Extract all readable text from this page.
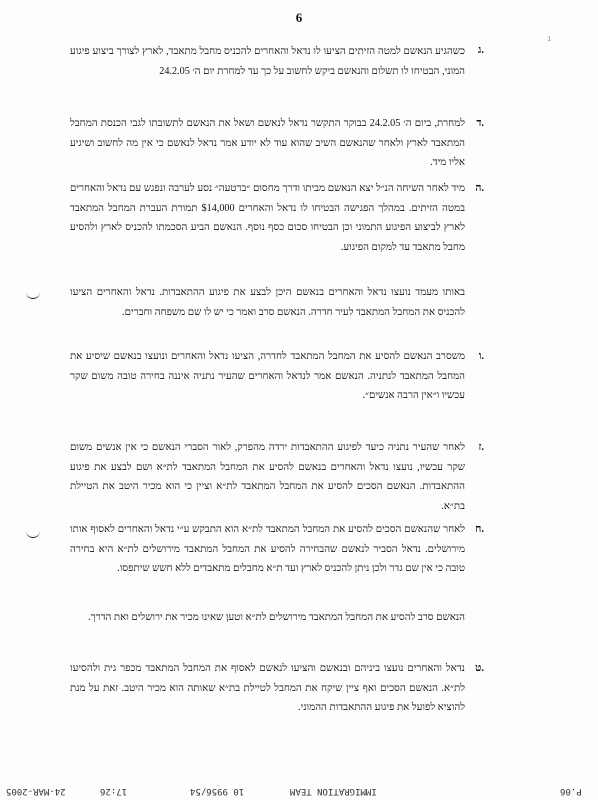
6
ג
ג.
כשהגיע הנאשם למטה הזיתים הציעו לו נדאל והאחרים להכניס מחבל מתאבד, לארץ לצורך ביצוע פיגוע המוני, הבטיחו לו תשלום והנאשם ביקש לחשוב על כך עד למחרת יום ה׳ 24.2.05
ד.
למחרת, ביום ה׳ 24.2.05 בבוקר התקשר נדאל לנאשם ושאל את הנאשם לתשובתו לגבי הכנסת המחבל המתאבד לארץ ולאחר שהנאשם השיב שהוא עוד לא יודע אמר נדאל לנאשם כי אין מה לחשוב ושיגיע אליו מיד.
ה.
מיד לאחר השיחה הנ״ל יצא הנאשם מביתו ודרך מחסום ״ברטעה״ נסע לערבה ונפגש עם נדאל והאחרים במטה הזיתים. במהלך הפגישה הבטיחו לו נדאל והאחרים ‎$14,000‎ תמורת העברת המחבל המתאבד לארץ לביצוע הפיגוע התמוני וכן הבטיחו סכום כסף נוסף. הנאשם הביע הסכמתו להכניס לארץ ולהסיע מחבל מתאבד עד למקום הפיגוע.
באותו מעמד נועצו נדאל והאחרים בנאשם היכן לבצע את פיגוע ההתאבדות. נדאל והאחרים הציעו להכניס את המחבל המתאבד לעיר חדרה. הנאשם סרב ואמר כי יש לו שם משפחה וחברים.
ו.
משסרב הנאשם להסיע את המחבל המתאבד לחדרה, הציעו נדאל והאחרים ונועצו בנאשם שיסיע את המחבל המתאבד לנתניה. הנאשם אמר לנדאל והאחרים שהעיר נתניה איננה בחירה טובה משום שקר עכשיו ו״אין הרבה אנשים״.
ז.
לאחר שהעיר נתניה כיעד לפיגוע ההתאבדות ירדה מהפרק, לאור הסברי הנאשם כי אין אנשים משום שקר עכשיו, נועצו נדאל והאחרים בנאשם להסיע את המחבל המתאבד לת״א ושם לבצע את פיגוע ההתאבדות. הנאשם הסכים להסיע את המחבל המתאבד לת״א וציין כי הוא מכיר היטב את הטיילת בת״א.
ח.
לאחר שהנאשם הסכים להסיע את המחבל המתאבד לת״א הוא התבקש ע״י נדאל והאחרים לאסוף אותו מירושלים. נדאל הסביר לנאשם שהבחירה להסיע את המחבל המתאבד מירושלים לת״א היא בחירה טובה כי אין שם גדר ולכן ניתן להכניס לארץ ועד ת״א מחבלים מתאבדים ללא חשש שיתפסו.
הנאשם סרב להסיע את המחבל המתאבד מירושלים לת״א וטען שאינו מכיר את ירושלים ואת הדרך.
ט.
נדאל והאחרים נועצו ביניהם ובנאשם והציעו לנאשם לאסוף את המחבל המתאבד מכפר גית ולהסיעו לת״א. הנאשם הסכים ואף ציין שיקח את המחבל לטיילת בת״א שאותה הוא מכיר היטב. זאת על מנת להוציא לפועל את פיגוע ההתאבדות ההמוני.
P.06
10 9956/54	IMMIGRATION TEAM
17:26
24-MAR-2005
